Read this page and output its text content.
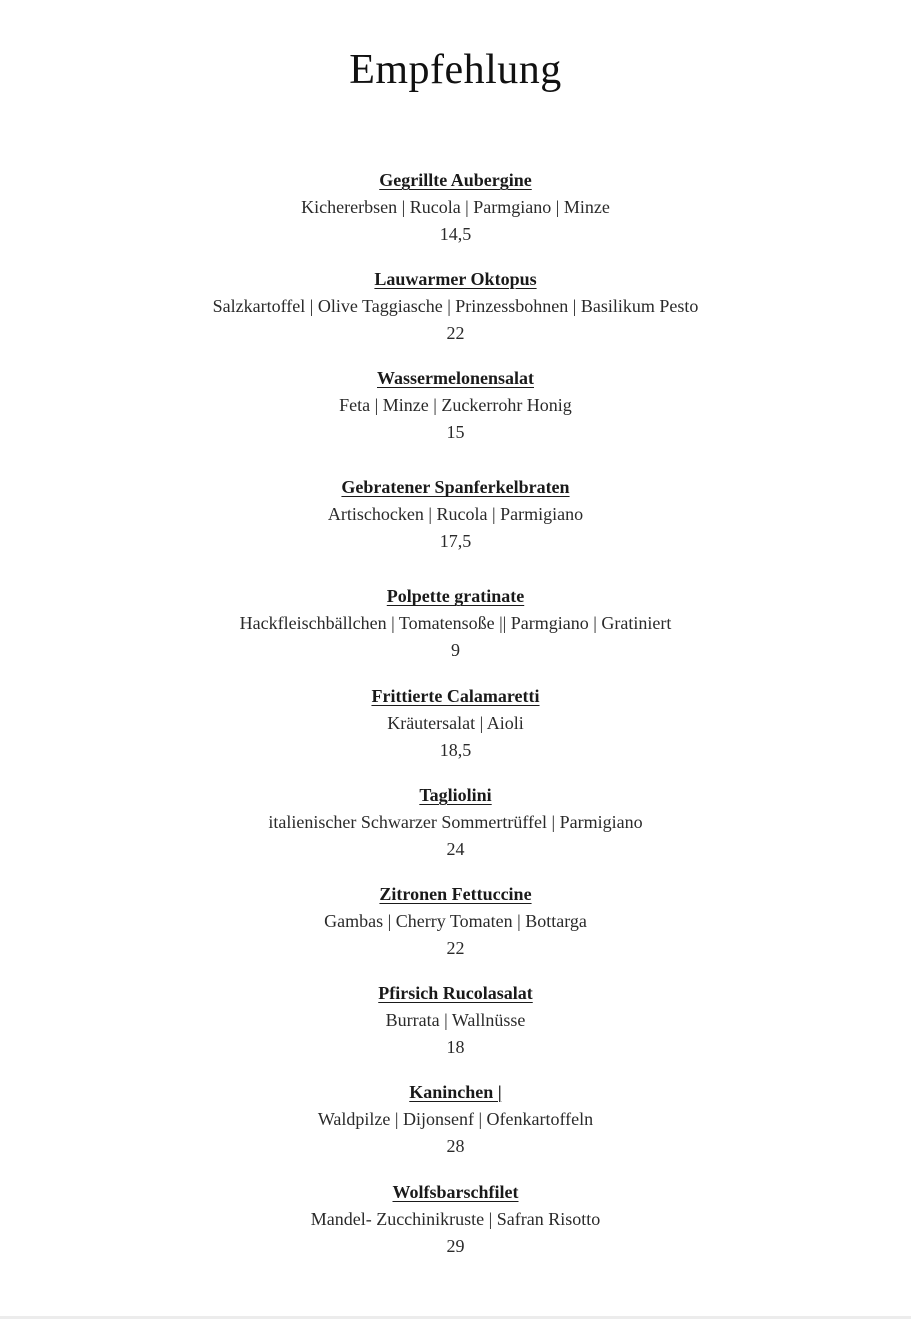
Empfehlung
Gegrillte Aubergine
Kichererbsen | Rucola | Parmgiano | Minze
14,5
Lauwarmer Oktopus
Salzkartoffel | Olive Taggiasche | Prinzessbohnen | Basilikum Pesto
22
Wassermelonensalat
Feta | Minze | Zuckerrohr Honig
15
Gebratener Spanferkelbraten
Artischocken | Rucola | Parmigiano
17,5
Polpette gratinate
Hackfleischbällchen | Tomatensoße || Parmgiano | Gratiniert
9
Frittierte Calamaretti
Kräutersalat | Aioli
18,5
Tagliolini
italienischer Schwarzer Sommertrüffel | Parmigiano
24
Zitronen Fettuccine
Gambas | Cherry Tomaten | Bottarga
22
Pfirsich Rucolasalat
Burrata | Wallnüsse
18
Kaninchen |
Waldpilze | Dijonsenf | Ofenkartoffeln
28
Wolfsbarschfilet
Mandel- Zucchinikruste | Safran Risotto
29
